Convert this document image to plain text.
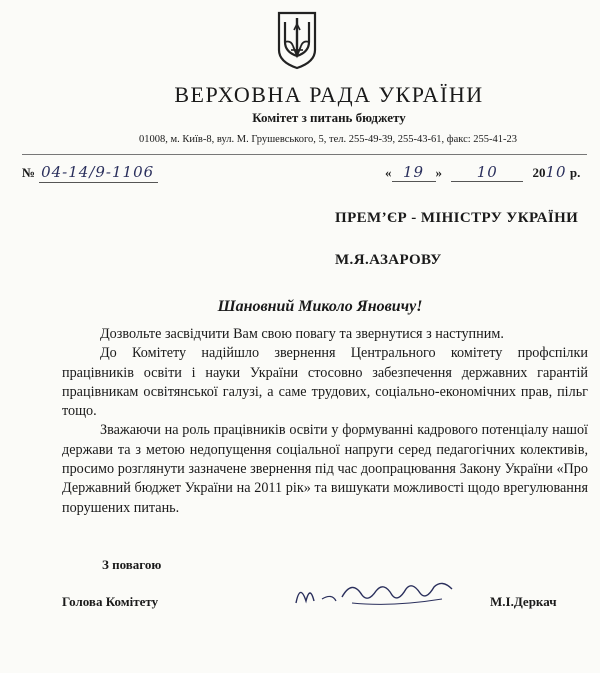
ВЕРХОВНА РАДА УКРАЇНИ
Комітет з питань бюджету
01008, м. Київ-8, вул. М. Грушевського, 5, тел. 255-49-39, 255-43-61, факс: 255-41-23
№ 04-14/9-1106	« 19 » 10	2010 р.
ПРЕМ’ЄР - МІНІСТРУ УКРАЇНИ
М.Я.АЗАРОВУ
Шановний Миколо Яновичу!

Дозвольте засвідчити Вам свою повагу та звернутися з наступним.

До Комітету надійшло звернення Центрального комітету профспілки працівників освіти і науки України стосовно забезпечення державних гарантій працівникам освітянської галузі, а саме трудових, соціально-економічних прав, пільг тощо.

Зважаючи на роль працівників освіти у формуванні кадрового потенціалу нашої держави та з метою недопущення соціальної напруги серед педагогічних колективів, просимо розглянути зазначене звернення під час доопрацювання Закону України «Про Державний бюджет України на 2011 рік» та вишукати можливості щодо врегулювання порушених питань.

З повагою
Голова Комітету	М.І.Деркач
